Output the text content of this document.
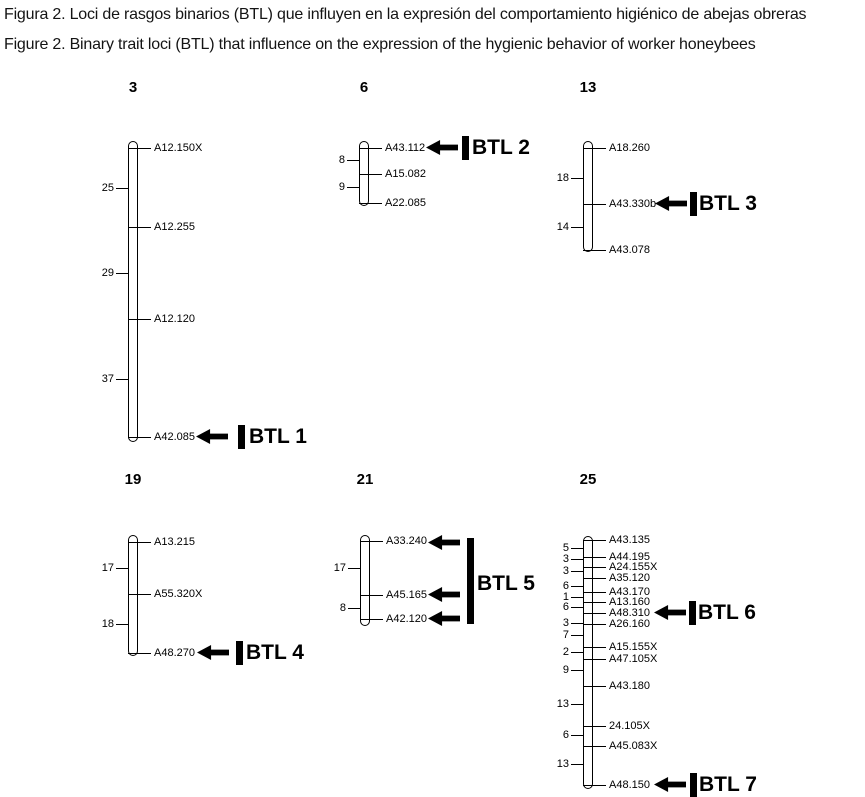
Figura 2. Loci de rasgos binarios (BTL) que influyen en la expresión del comportamiento higiénico de abejas obreras
Figure 2. Binary trait loci (BTL) that influence on the expression of the hygienic behavior of worker honeybees
3
A12.150X
A12.255
A12.120
A42.085
25
29
37
BTL 1
6
A43.112
A15.082
A22.085
8
9
BTL 2
13
A18.260
A43.330b
A43.078
18
14
BTL 3
19
A13.215
A55.320X
A48.270
17
18
BTL 4
21
A33.240
A45.165
A42.120
17
8
BTL 5
25
A43.135
A44.195
A24.155X
A35.120
A43.170
A13.160
A48.310
A26.160
A15.155X
A47.105X
A43.180
24.105X
A45.083X
A48.150
5
3
3
6
1
6
3
7
2
9
13
6
13
BTL 6
BTL 7
